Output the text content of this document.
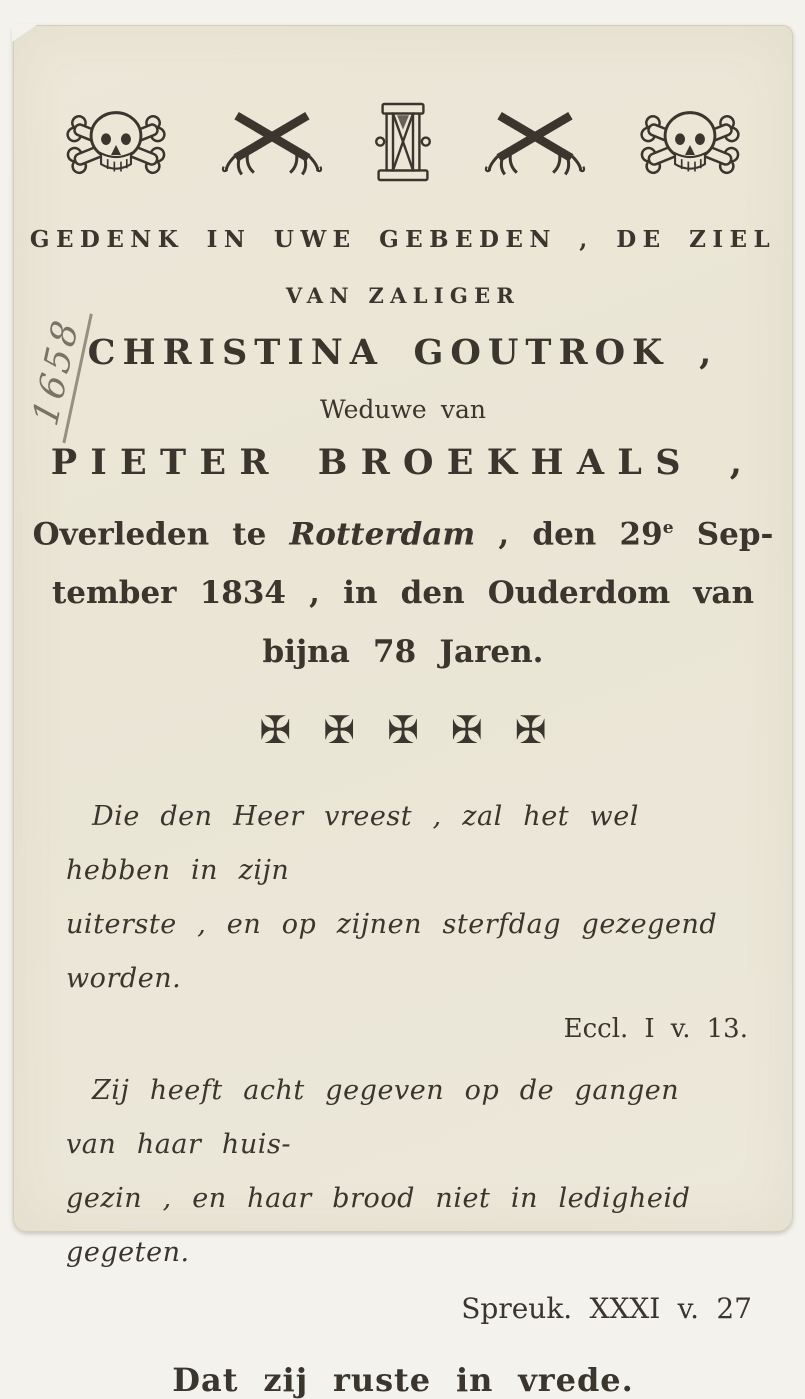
1658
GEDENK IN UWE GEBEDEN , DE ZIEL
VAN ZALIGER
CHRISTINA GOUTROK ,
Weduwe van
PIETER BROEKHALS ,
Overleden te Rotterdam , den 29e Sep-
tember 1834 , in den Ouderdom van
bijna 78 Jaren.
✠ ✠ ✠ ✠ ✠
Die den Heer vreest , zal het wel hebben in zijn
uiterste , en op zijnen sterfdag gezegend worden.
Eccl. I v. 13.
Zij heeft acht gegeven op de gangen van haar huis-
gezin , en haar brood niet in ledigheid gegeten.
Spreuk. XXXI v. 27
Dat zij ruste in vrede.
